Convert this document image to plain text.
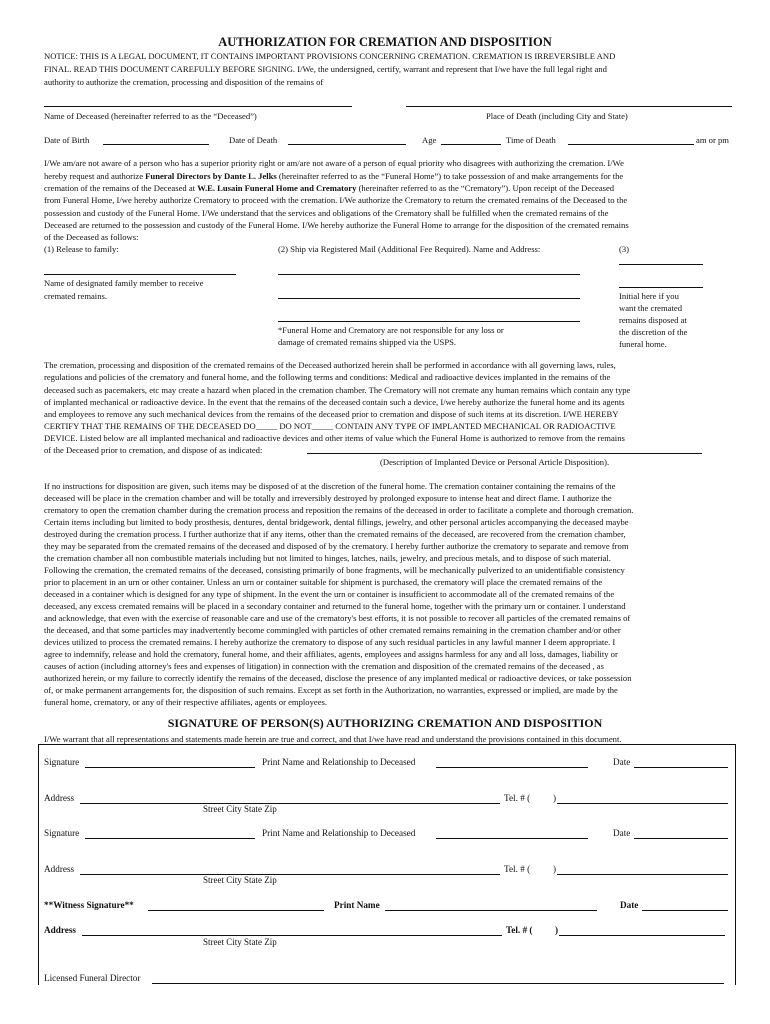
AUTHORIZATION FOR CREMATION AND DISPOSITION
NOTICE: THIS IS A LEGAL DOCUMENT, IT CONTAINS IMPORTANT PROVISIONS CONCERNING CREMATION. CREMATION IS IRREVERSIBLE AND
FINAL. READ THIS DOCUMENT CAREFULLY BEFORE SIGNING. I/We, the undersigned, certify, warrant and represent that I/we have the full legal right and
authority to authorize the cremation, processing and disposition of the remains of
Name of Deceased (hereinafter referred to as the “Deceased”)	Place of Death (including City and State)
Date of Birth	Date of Death	Age	Time of Death	am or pm
I/We am/are not aware of a person who has a superior priority right or am/are not aware of a person of equal priority who disagrees with authorizing the cremation. I/We
hereby request and authorize Funeral Directors by Dante L. Jelks (hereinafter referred to as the “Funeral Home”) to take possession of and make arrangements for the
cremation of the remains of the Deceased at W.E. Lusain Funeral Home and Crematory (hereinafter referred to as the “Crematory”). Upon receipt of the Deceased
from Funeral Home, I/we hereby authorize Crematory to proceed with the cremation. I/We authorize the Crematory to return the cremated remains of the Deceased to the
possession and custody of the Funeral Home. I/We understand that the services and obligations of the Crematory shall be fulfilled when the cremated remains of the
Deceased are returned to the possession and custody of the Funeral Home. I/We hereby authorize the Funeral Home to arrange for the disposition of the cremated remains
of the Deceased as follows:
(1) Release to family:	(2) Ship via Registered Mail (Additional Fee Required). Name and Address:	(3)
Name of designated family member to receive
cremated remains.	Initial here if you
want the cremated
remains disposed at
the discretion of the
funeral home.
*Funeral Home and Crematory are not responsible for any loss or
damage of cremated remains shipped via the USPS.
The cremation, processing and disposition of the cremated remains of the Deceased authorized herein shall be performed in accordance with all governing laws, rules,
regulations and policies of the crematory and funeral home, and the following terms and conditions: Medical and radioactive devices implanted in the remains of the
deceased such as pacemakers, etc may create a hazard when placed in the cremation chamber. The Crematory will not cremate any human remains which contain any type
of implanted mechanical or radioactive device. In the event that the remains of the deceased contain such a device, I/we hereby authorize the funeral home and its agents
and employees to remove any such mechanical devices from the remains of the deceased prior to cremation and dispose of such items at its discretion. I/WE HEREBY
CERTIFY THAT THE REMAINS OF THE DECEASED DO_____ DO NOT_____ CONTAIN ANY TYPE OF IMPLANTED MECHANICAL OR RADIOACTIVE
DEVICE. Listed below are all implanted mechanical and radioactive devices and other items of value which the Funeral Home is authorized to remove from the remains
of the Deceased prior to cremation, and dispose of as indicated:
(Description of Implanted Device or Personal Article Disposition).
If no instructions for disposition are given, such items may be disposed of at the discretion of the funeral home. The cremation container containing the remains of the
deceased will be place in the cremation chamber and will be totally and irreversibly destroyed by prolonged exposure to intense heat and direct flame. I authorize the
crematory to open the cremation chamber during the cremation process and reposition the remains of the deceased in order to facilitate a complete and thorough cremation.
Certain items including but limited to body prosthesis, dentures, dental bridgework, dental fillings, jewelry, and other personal articles accompanying the deceased maybe
destroyed during the cremation process. I further authorize that if any items, other than the cremated remains of the deceased, are recovered from the cremation chamber,
they may be separated from the cremated remains of the deceased and disposed of by the crematory. I hereby further authorize the crematory to separate and remove from
the cremation chamber all non combustible materials including but not limited to hinges, latches, nails, jewelry, and precious metals, and to dispose of such material.
Following the cremation, the cremated remains of the deceased, consisting primarily of bone fragments, will be mechanically pulverized to an unidentifiable consistency
prior to placement in an urn or other container. Unless an urn or container suitable for shipment is purchased, the crematory will place the cremated remains of the
deceased in a container which is designed for any type of shipment. In the event the urn or container is insufficient to accommodate all of the cremated remains of the
deceased, any excess cremated remains will be placed in a secondary container and returned to the funeral home, together with the primary urn or container. I understand
and acknowledge, that even with the exercise of reasonable care and use of the crematory's best efforts, it is not possible to recover all particles of the cremated remains of
the deceased, and that some particles may inadvertently become commingled with particles of other cremated remains remaining in the cremation chamber and/or other
devices utilized to process the cremated remains. I hereby authorize the crematory to dispose of any such residual particles in any lawful manner I deem appropriate. I
agree to indemnify, release and hold the crematory, funeral home, and their affiliates, agents, employees and assigns harmless for any and all loss, damages, liability or
causes of action (including attorney's fees and expenses of litigation) in connection with the cremation and disposition of the cremated remains of the deceased , as
authorized herein, or my failure to correctly identify the remains of the deceased, disclose the presence of any implanted medical or radioactive devices, or take possession
of, or make permanent arrangements for, the disposition of such remains. Except as set forth in the Authorization, no warranties, expressed or implied, are made by the
funeral home, crematory, or any of their respective affiliates, agents or employees.
SIGNATURE OF PERSON(S) AUTHORIZING CREMATION AND DISPOSITION
I/We warrant that all representations and statements made herein are true and correct, and that I/we have read and understand the provisions contained in this document.
Signature	Print Name and Relationship to Deceased	Date
Address	Tel. # ( )
Street City State Zip
Signature	Print Name and Relationship to Deceased	Date
Address	Tel. # ( )
Street City State Zip
**Witness Signature**	Print Name	Date
Address	Tel. # ( )
Street City State Zip
Licensed Funeral Director
